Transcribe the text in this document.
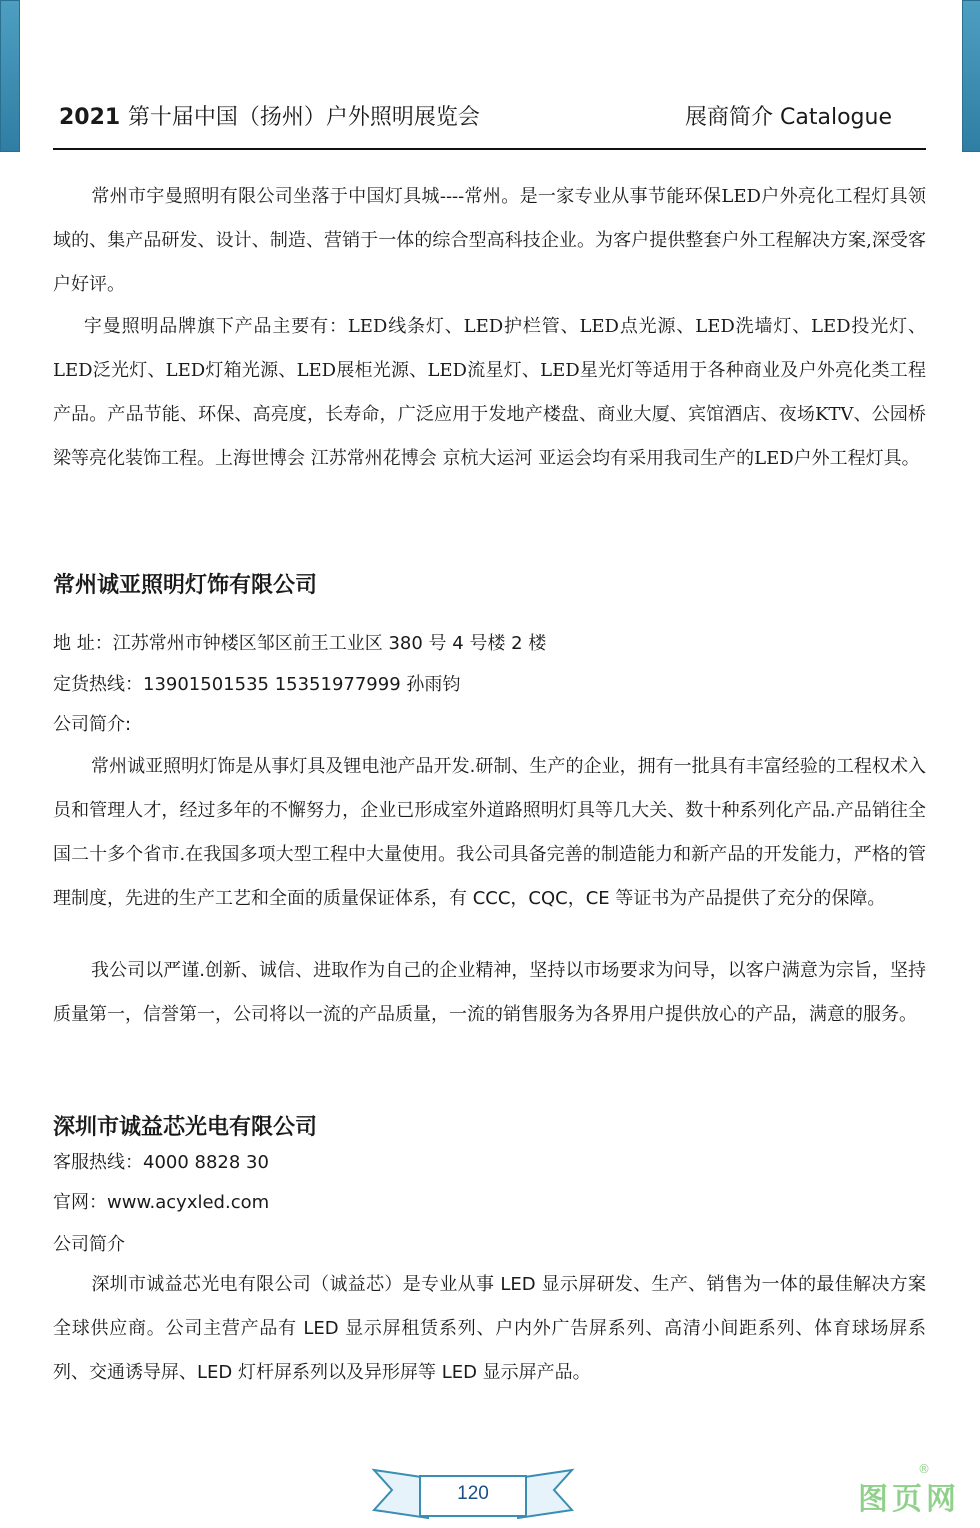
2021 第十届中国（扬州）户外照明展览会	展商简介 Catalogue

常州市宇曼照明有限公司坐落于中国灯具城----常州。是一家专业从事节能环保LED户外亮化工程灯具领域的、集产品研发、设计、制造、营销于一体的综合型高科技企业。为客户提供整套户外工程解决方案,深受客户好评。

宇曼照明品牌旗下产品主要有：LED线条灯、LED护栏管、LED点光源、LED洗墙灯、LED投光灯、LED泛光灯、LED灯箱光源、LED展柜光源、LED流星灯、LED星光灯等适用于各种商业及户外亮化类工程产品。产品节能、环保、高亮度，长寿命，广泛应用于发地产楼盘、商业大厦、宾馆酒店、夜场KTV、公园桥梁等亮化装饰工程。上海世博会 江苏常州花博会 京杭大运河 亚运会均有采用我司生产的LED户外工程灯具。

常州诚亚照明灯饰有限公司

地 址：江苏常州市钟楼区邹区前王工业区 380 号 4 号楼 2 楼

定货热线：13901501535 15351977999 孙雨钧

公司简介:

常州诚亚照明灯饰是从事灯具及锂电池产品开发.研制、生产的企业，拥有一批具有丰富经验的工程权术入员和管理人才，经过多年的不懈努力，企业已形成室外道路照明灯具等几大关、数十种系列化产品.产品销往全国二十多个省市.在我国多项大型工程中大量使用。我公司具备完善的制造能力和新产品的开发能力，严格的管理制度，先进的生产工艺和全面的质量保证体系，有 CCC，CQC，CE 等证书为产品提供了充分的保障。

我公司以严谨.创新、诚信、进取作为自己的企业精神，坚持以市场要求为问导，以客户满意为宗旨，坚持质量第一，信誉第一，公司将以一流的产品质量，一流的销售服务为各界用户提供放心的产品，满意的服务。

深圳市诚益芯光电有限公司

客服热线：4000 8828 30

官网：www.acyxled.com

公司简介

深圳市诚益芯光电有限公司（诚益芯）是专业从事 LED 显示屏研发、生产、销售为一体的最佳解决方案全球供应商。公司主营产品有 LED 显示屏租赁系列、户内外广告屏系列、高清小间距系列、体育球场屏系列、交通诱导屏、LED 灯杆屏系列以及异形屏等 LED 显示屏产品。

120	图页网
®
